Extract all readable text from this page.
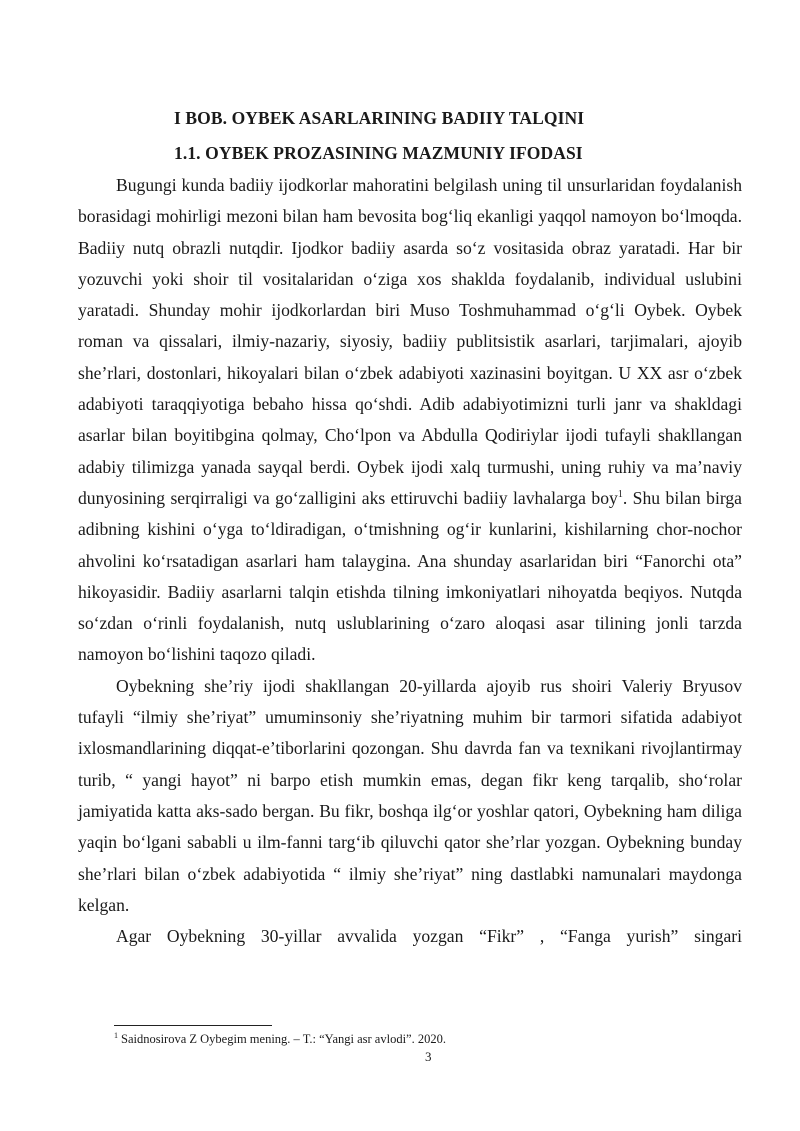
I BOB. OYBEK ASARLARINING BADIIY TALQINI
1.1. OYBEK PROZASINING MAZMUNIY IFODASI

Bugungi kunda badiiy ijodkorlar mahoratini belgilash uning til unsurlaridan foydalanish borasidagi mohirligi mezoni bilan ham bevosita bog‘liq ekanligi yaqqol namoyon bo‘lmoqda. Badiiy nutq obrazli nutqdir. Ijodkor badiiy asarda so‘z vositasida obraz yaratadi. Har bir yozuvchi yoki shoir til vositalaridan o‘ziga xos shaklda foydalanib, individual uslubini yaratadi. Shunday mohir ijodkorlardan biri Muso Toshmuhammad o‘g‘li Oybek. Oybek roman va qissalari, ilmiy-nazariy, siyosiy, badiiy publitsistik asarlari, tarjimalari, ajoyib she’rlari, dostonlari, hikoyalari bilan o‘zbek adabiyoti xazinasini boyitgan. U XX asr o‘zbek adabiyoti taraqqiyotiga bebaho hissa qo‘shdi. Adib adabiyotimizni turli janr va shakldagi asarlar bilan boyitibgina qolmay, Cho‘lpon va Abdulla Qodiriylar ijodi tufayli shakllangan adabiy tilimizga yanada sayqal berdi. Oybek ijodi xalq turmushi, uning ruhiy va ma’naviy dunyosining serqirraligi va go‘zalligini aks ettiruvchi badiiy lavhalarga boy$^1$. Shu bilan birga adibning kishini o‘yga to‘ldiradigan, o‘tmishning og‘ir kunlarini, kishilarning chor-nochor ahvolini ko‘rsatadigan asarlari ham talaygina. Ana shunday asarlaridan biri “Fanorchi ota” hikoyasidir. Badiiy asarlarni talqin etishda tilning imkoniyatlari nihoyatda beqiyos. Nutqda so‘zdan o‘rinli foydalanish, nutq uslublarining o‘zaro aloqasi asar tilining jonli tarzda namoyon bo‘lishini taqozo qiladi.

Oybekning she’riy ijodi shakllangan 20-yillarda ajoyib rus shoiri Valeriy Bryusov tufayli “ilmiy she’riyat” umuminsoniy she’riyatning muhim bir tarmori sifatida adabiyot ixlosmandlarining diqqat-e’tiborlarini qozongan. Shu davrda fan va texnikani rivojlantirmay turib, “ yangi hayot” ni barpo etish mumkin emas, degan fikr keng tarqalib, sho‘rolar jamiyatida katta aks-sado bergan. Bu fikr, boshqa ilg‘or yoshlar qatori, Oybekning ham diliga yaqin bo‘lgani sababli u ilm-fanni targ‘ib qiluvchi qator she’rlar yozgan. Oybekning bunday she’rlari bilan o‘zbek adabiyotida “ ilmiy she’riyat” ning dastlabki namunalari maydonga kelgan.

Agar Oybekning 30-yillar avvalida yozgan “Fikr” , “Fanga yurish” singari

$^1$ Saidnosirova Z Oybegim mening. – T.: “Yangi asr avlodi”. 2020.
3
